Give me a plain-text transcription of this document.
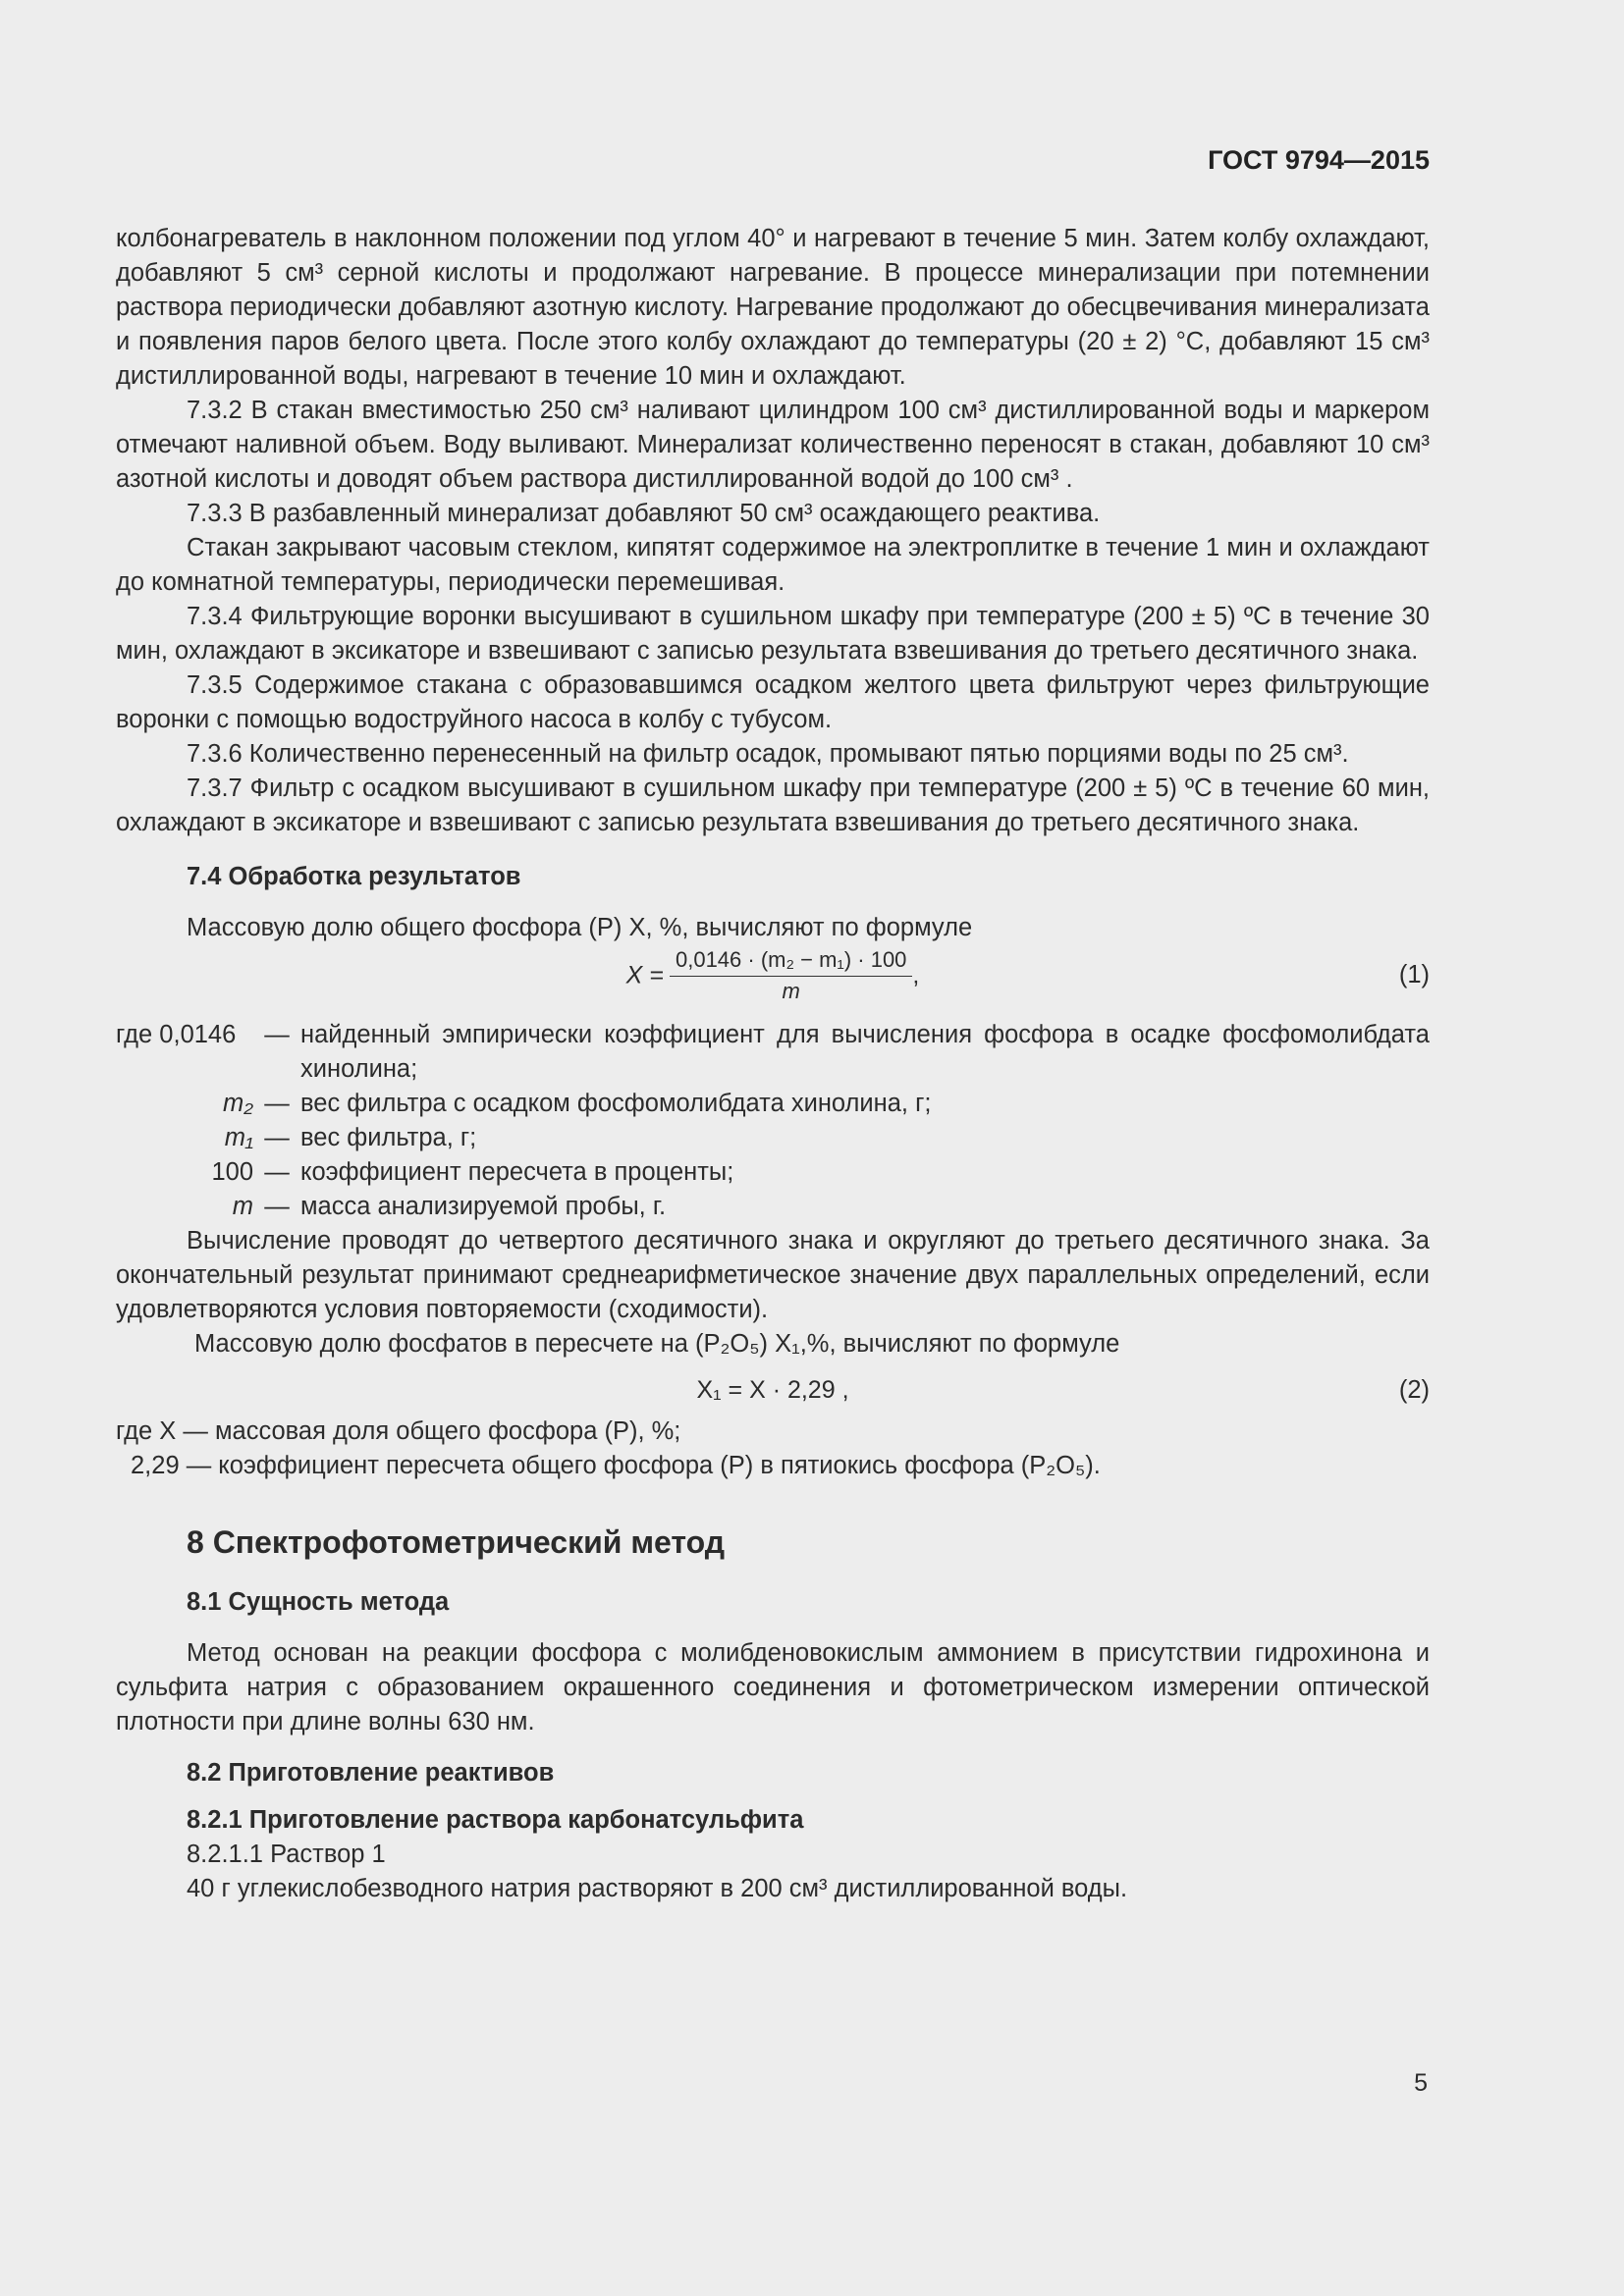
ГОСТ 9794—2015

колбонагреватель в наклонном положении под углом 40° и нагревают в течение 5 мин. Затем колбу охлаждают, добавляют 5 см³ серной кислоты и продолжают нагревание. В процессе минерализации при потемнении раствора периодически добавляют азотную кислоту. Нагревание продолжают до обесцвечивания минерализата и появления паров белого цвета. После этого колбу охлаждают до температуры (20 ± 2) °С, добавляют 15 см³ дистиллированной воды, нагревают в течение 10 мин и охлаждают.

7.3.2 В стакан вместимостью 250 см³ наливают цилиндром 100 см³ дистиллированной воды и маркером отмечают наливной объем. Воду выливают. Минерализат количественно переносят в стакан, добавляют 10 см³ азотной кислоты и доводят объем раствора дистиллированной водой до 100 см³ .

7.3.3 В разбавленный минерализат добавляют 50 см³ осаждающего реактива.

Стакан закрывают часовым стеклом, кипятят содержимое на электроплитке в течение 1 мин и охлаждают до комнатной температуры, периодически перемешивая.

7.3.4 Фильтрующие воронки высушивают в сушильном шкафу при температуре (200 ± 5) ºС в течение 30 мин, охлаждают в эксикаторе и взвешивают с записью результата взвешивания до третьего десятичного знака.

7.3.5 Содержимое стакана с образовавшимся осадком желтого цвета фильтруют через фильтрующие воронки с помощью водоструйного насоса в колбу с тубусом.

7.3.6 Количественно перенесенный на фильтр осадок, промывают пятью порциями воды по 25 см³.

7.3.7 Фильтр с осадком высушивают в сушильном шкафу при температуре (200 ± 5) ºС в течение 60 мин, охлаждают в эксикаторе и взвешивают с записью результата взвешивания до третьего десятичного знака.

7.4 Обработка результатов

Массовую долю общего фосфора (Р) X, %, вычисляют по формуле

$X = \frac{\text{0,0146 · (m₂ − m₁) · 100}}{m}$ ,	(1)
где 0,0146	— найденный эмпирически коэффициент для вычисления фосфора в осадке фосфомолибдата хинолина;
m₂ — вес фильтра с осадком фосфомолибдата хинолина, г;
m₁ — вес фильтра, г;
100 — коэффициент пересчета в проценты;
m — масса анализируемой пробы, г.

Вычисление проводят до четвертого десятичного знака и округляют до третьего десятичного знака. За окончательный результат принимают среднеарифметическое значение двух параллельных определений, если удовлетворяются условия повторяемости (сходимости).

Массовую долю фосфатов в пересчете на (P₂O₅) X₁,%, вычисляют по формуле

X₁ = X · 2,29 ,	(2)

где X — массовая доля общего фосфора (Р), %;

2,29 — коэффициент пересчета общего фосфора (Р) в пятиокись фосфора (P₂O₅).

8 Спектрофотометрический метод
8.1 Сущность метода

Метод основан на реакции фосфора с молибденовокислым аммонием в присутствии гидрохинона и сульфита натрия с образованием окрашенного соединения и фотометрическом измерении оптической плотности при длине волны 630 нм.

8.2 Приготовление реактивов
8.2.1 Приготовление раствора карбонатсульфита

8.2.1.1 Раствор 1

40 г углекислобезводного натрия растворяют в 200 см³ дистиллированной воды.

5
